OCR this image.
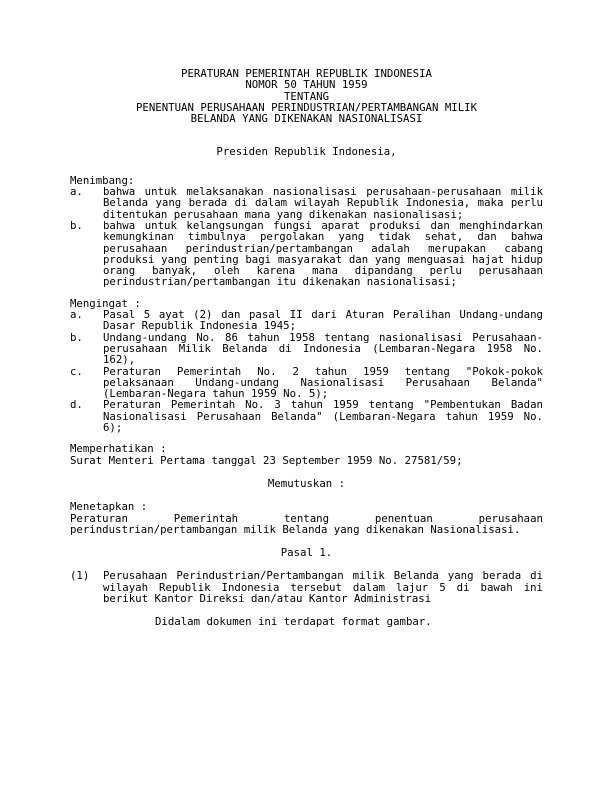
PERATURAN PEMERINTAH REPUBLIK INDONESIA
NOMOR 50 TAHUN 1959
TENTANG
PENENTUAN PERUSAHAAN PERINDUSTRIAN/PERTAMBANGAN MILIK
BELANDA YANG DIKENAKAN NASIONALISASI
Presiden Republik Indonesia,
Menimbang:
a.	bahwa untuk melaksanakan nasionalisasi perusahaan-perusahaan milik Belanda yang berada di dalam wilayah Republik Indonesia, maka perlu ditentukan perusahaan mana yang dikenakan nasionalisasi;
b.	bahwa untuk kelangsungan fungsi aparat produksi dan menghindarkan kemungkinan timbulnya pergolakan yang tidak sehat, dan bahwa perusahaan perindustrian/pertambangan adalah merupakan cabang produksi yang penting bagi masyarakat dan yang menguasai hajat hidup orang banyak, oleh karena mana dipandang perlu perusahaan perindustrian/pertambangan itu dikenakan nasionalisasi;
Mengingat :
a.	Pasal 5 ayat (2) dan pasal II dari Aturan Peralihan Undang-undang Dasar Republik Indonesia 1945;
b.	Undang-undang No. 86 tahun 1958 tentang nasionalisasi Perusahaan-perusahaan Milik Belanda di Indonesia (Lembaran-Negara 1958 No. 162),
c.	Peraturan Pemerintah No. 2 tahun 1959 tentang "Pokok-pokok pelaksanaan Undang-undang Nasionalisasi Perusahaan Belanda" (Lembaran-Negara tahun 1959 No. 5);
d.	Peraturan Pemerintah No. 3 tahun 1959 tentang "Pembentukan Badan Nasionalisasi Perusahaan Belanda" (Lembaran-Negara tahun 1959 No. 6);
Memperhatikan :
Surat Menteri Pertama tanggal 23 September 1959 No. 27581/59;
Memutuskan :
Menetapkan :
Peraturan Pemerintah tentang penentuan perusahaan perindustrian/pertambangan milik Belanda yang dikenakan Nasionalisasi.
Pasal 1.
(1)	Perusahaan Perindustrian/Pertambangan milik Belanda yang berada di wilayah Republik Indonesia tersebut dalam lajur 5 di bawah ini berikut Kantor Direksi dan/atau Kantor Administrasi
Didalam dokumen ini terdapat format gambar.
